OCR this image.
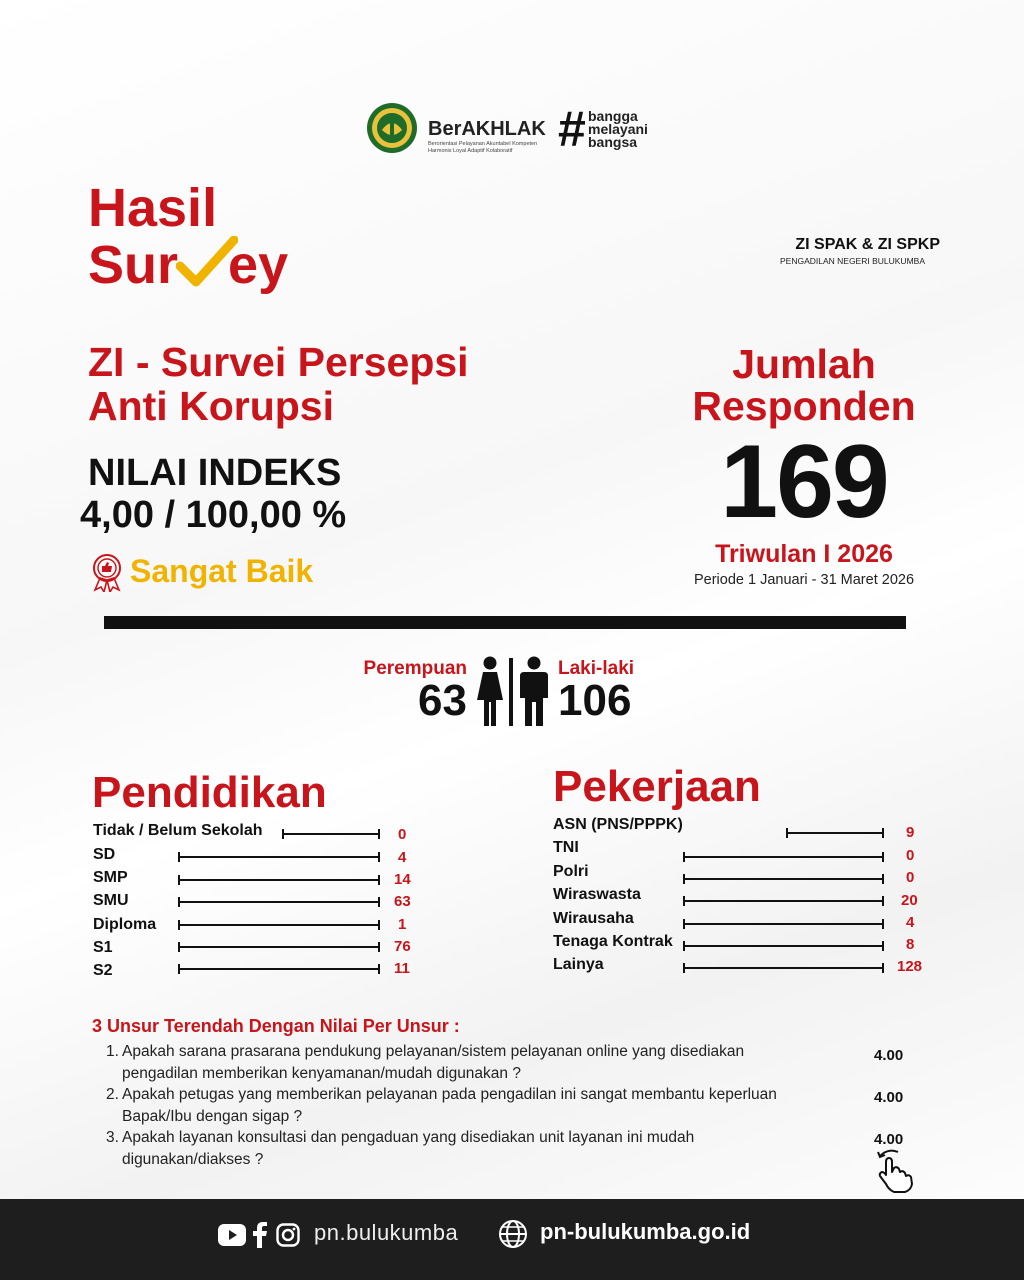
BerAKHLAK
Berorientasi Pelayanan Akuntabel Kompeten Harmonis Loyal Adaptif Kolaboratif # bangga
melayani
bangsa
Hasil
Sur ey	ZI SPAK & ZI SPKP
PENGADILAN NEGERI BULUKUMBA
ZI - Survei Persepsi
Anti Korupsi
NILAI INDEKS
4,00 / 100,00 %
Sangat Baik
Jumlah
Responden
169
Triwulan I 2026
Periode 1 Januari - 31 Maret 2026
Perempuan
63
Laki-laki
106
Pendidikan
Tidak / Belum Sekolah	0
SD	4
SMP	14
SMU	63
Diploma	1
S1	76
S2	11
Pekerjaan
ASN (PNS/PPPK)	9
TNI	0
Polri	0
Wiraswasta	20
Wirausaha	4
Tenaga Kontrak	8
Lainya	128
3 Unsur Terendah Dengan Nilai Per Unsur :
1. Apakah sarana prasarana pendukung pelayanan/sistem pelayanan online yang disediakan
pengadilan memberikan kenyamanan/mudah digunakan ?
4.00
2. Apakah petugas yang memberikan pelayanan pada pengadilan ini sangat membantu keperluan
Bapak/Ibu dengan sigap ?
4.00
3. Apakah layanan konsultasi dan pengaduan yang disediakan unit layanan ini mudah
digunakan/diakses ?
4.00
pn.bulukumba	pn-bulukumba.go.id
